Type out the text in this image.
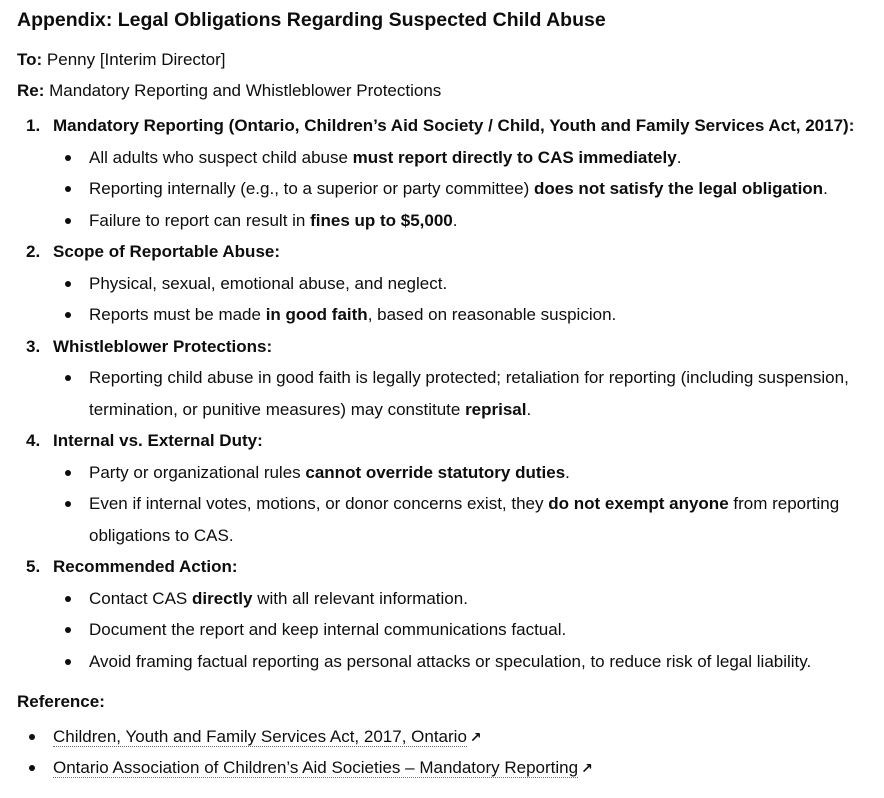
Appendix: Legal Obligations Regarding Suspected Child Abuse

To: Penny [Interim Director]

Re: Mandatory Reporting and Whistleblower Protections

1. Mandatory Reporting (Ontario, Children’s Aid Society / Child, Youth and Family Services Act, 2017):
All adults who suspect child abuse must report directly to CAS immediately.
Reporting internally (e.g., to a superior or party committee) does not satisfy the legal obligation.
Failure to report can result in fines up to $5,000.
2. Scope of Reportable Abuse:
Physical, sexual, emotional abuse, and neglect.
Reports must be made in good faith, based on reasonable suspicion.
3. Whistleblower Protections:
Reporting child abuse in good faith is legally protected; retaliation for reporting (including suspension, termination, or punitive measures) may constitute reprisal.
4. Internal vs. External Duty:
Party or organizational rules cannot override statutory duties.
Even if internal votes, motions, or donor concerns exist, they do not exempt anyone from reporting obligations to CAS.
5. Recommended Action:
Contact CAS directly with all relevant information.
Document the report and keep internal communications factual.
Avoid framing factual reporting as personal attacks or speculation, to reduce risk of legal liability.
Reference:
Children, Youth and Family Services Act, 2017, Ontario ↗
Ontario Association of Children’s Aid Societies – Mandatory Reporting ↗
